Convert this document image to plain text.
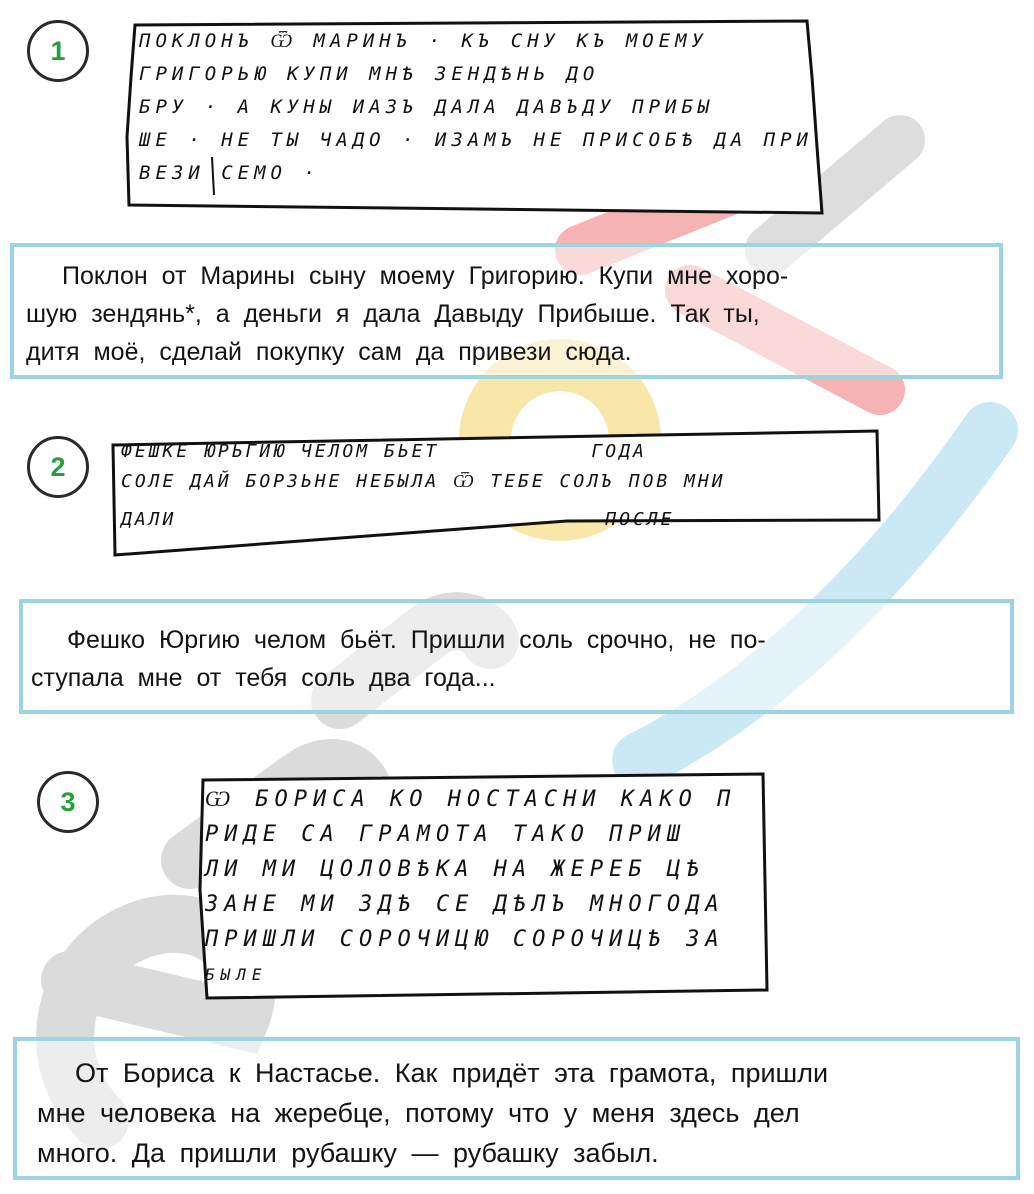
1

	ПОКЛОНЪ Ѿ МАРИНЪ · КЪ СНУ КЪ МОЕМУ

ГРИГОРЬЮ КУПИ МНѢ ЗЕНДѢНЬ ДО

БРУ · А КУНЫ ИАЗЪ ДАЛА ДАВЪДУ ПРИБЫ

ШЕ · НЕ ТЫ ЧАДО · ИЗАМЪ НЕ ПРИСОБѢ ДА ПРИ

ВЕЗИ СЕМО ·

Поклон от Марины сыну моему Григорию. Купи мне хоро-

шую зендянь*, а деньги я дала Давыду Прибыше. Так ты,

дитя моё, сделай покупку сам да привези сюда.

2

	ФЕШКЕ ЮРЬГИЮ ЧЕЛОМ БЬЕТ           ГОДА

СОЛЕ ДАЙ БОРЗЬНЕ НЕБЫЛА Ѿ ТЕБЕ СОЛЪ ПОВ МНИ

ДАЛИ                               ПОСЛЕ

Фешко Юргию челом бьёт. Пришли соль срочно, не по-

ступала мне от тебя соль два года...

3

	Ѡ БОРИСА КО НОСТАСНИ КАКО П

РИДЕ СА ГРАМОТА ТАКО ПРИШ

ЛИ МИ ЦОЛОВѢКА НА ЖЕРЕБ ЦѢ

ЗАНЕ МИ ЗДѢ СЕ ДѢЛЪ МНОГОДА

ПРИШЛИ СОРОЧИЦЮ СОРОЧИЦѢ ЗА

БЫЛЕ

От Бориса к Настасье. Как придёт эта грамота, пришли

мне человека на жеребце, потому что у меня здесь дел

много. Да пришли рубашку — рубашку забыл.
